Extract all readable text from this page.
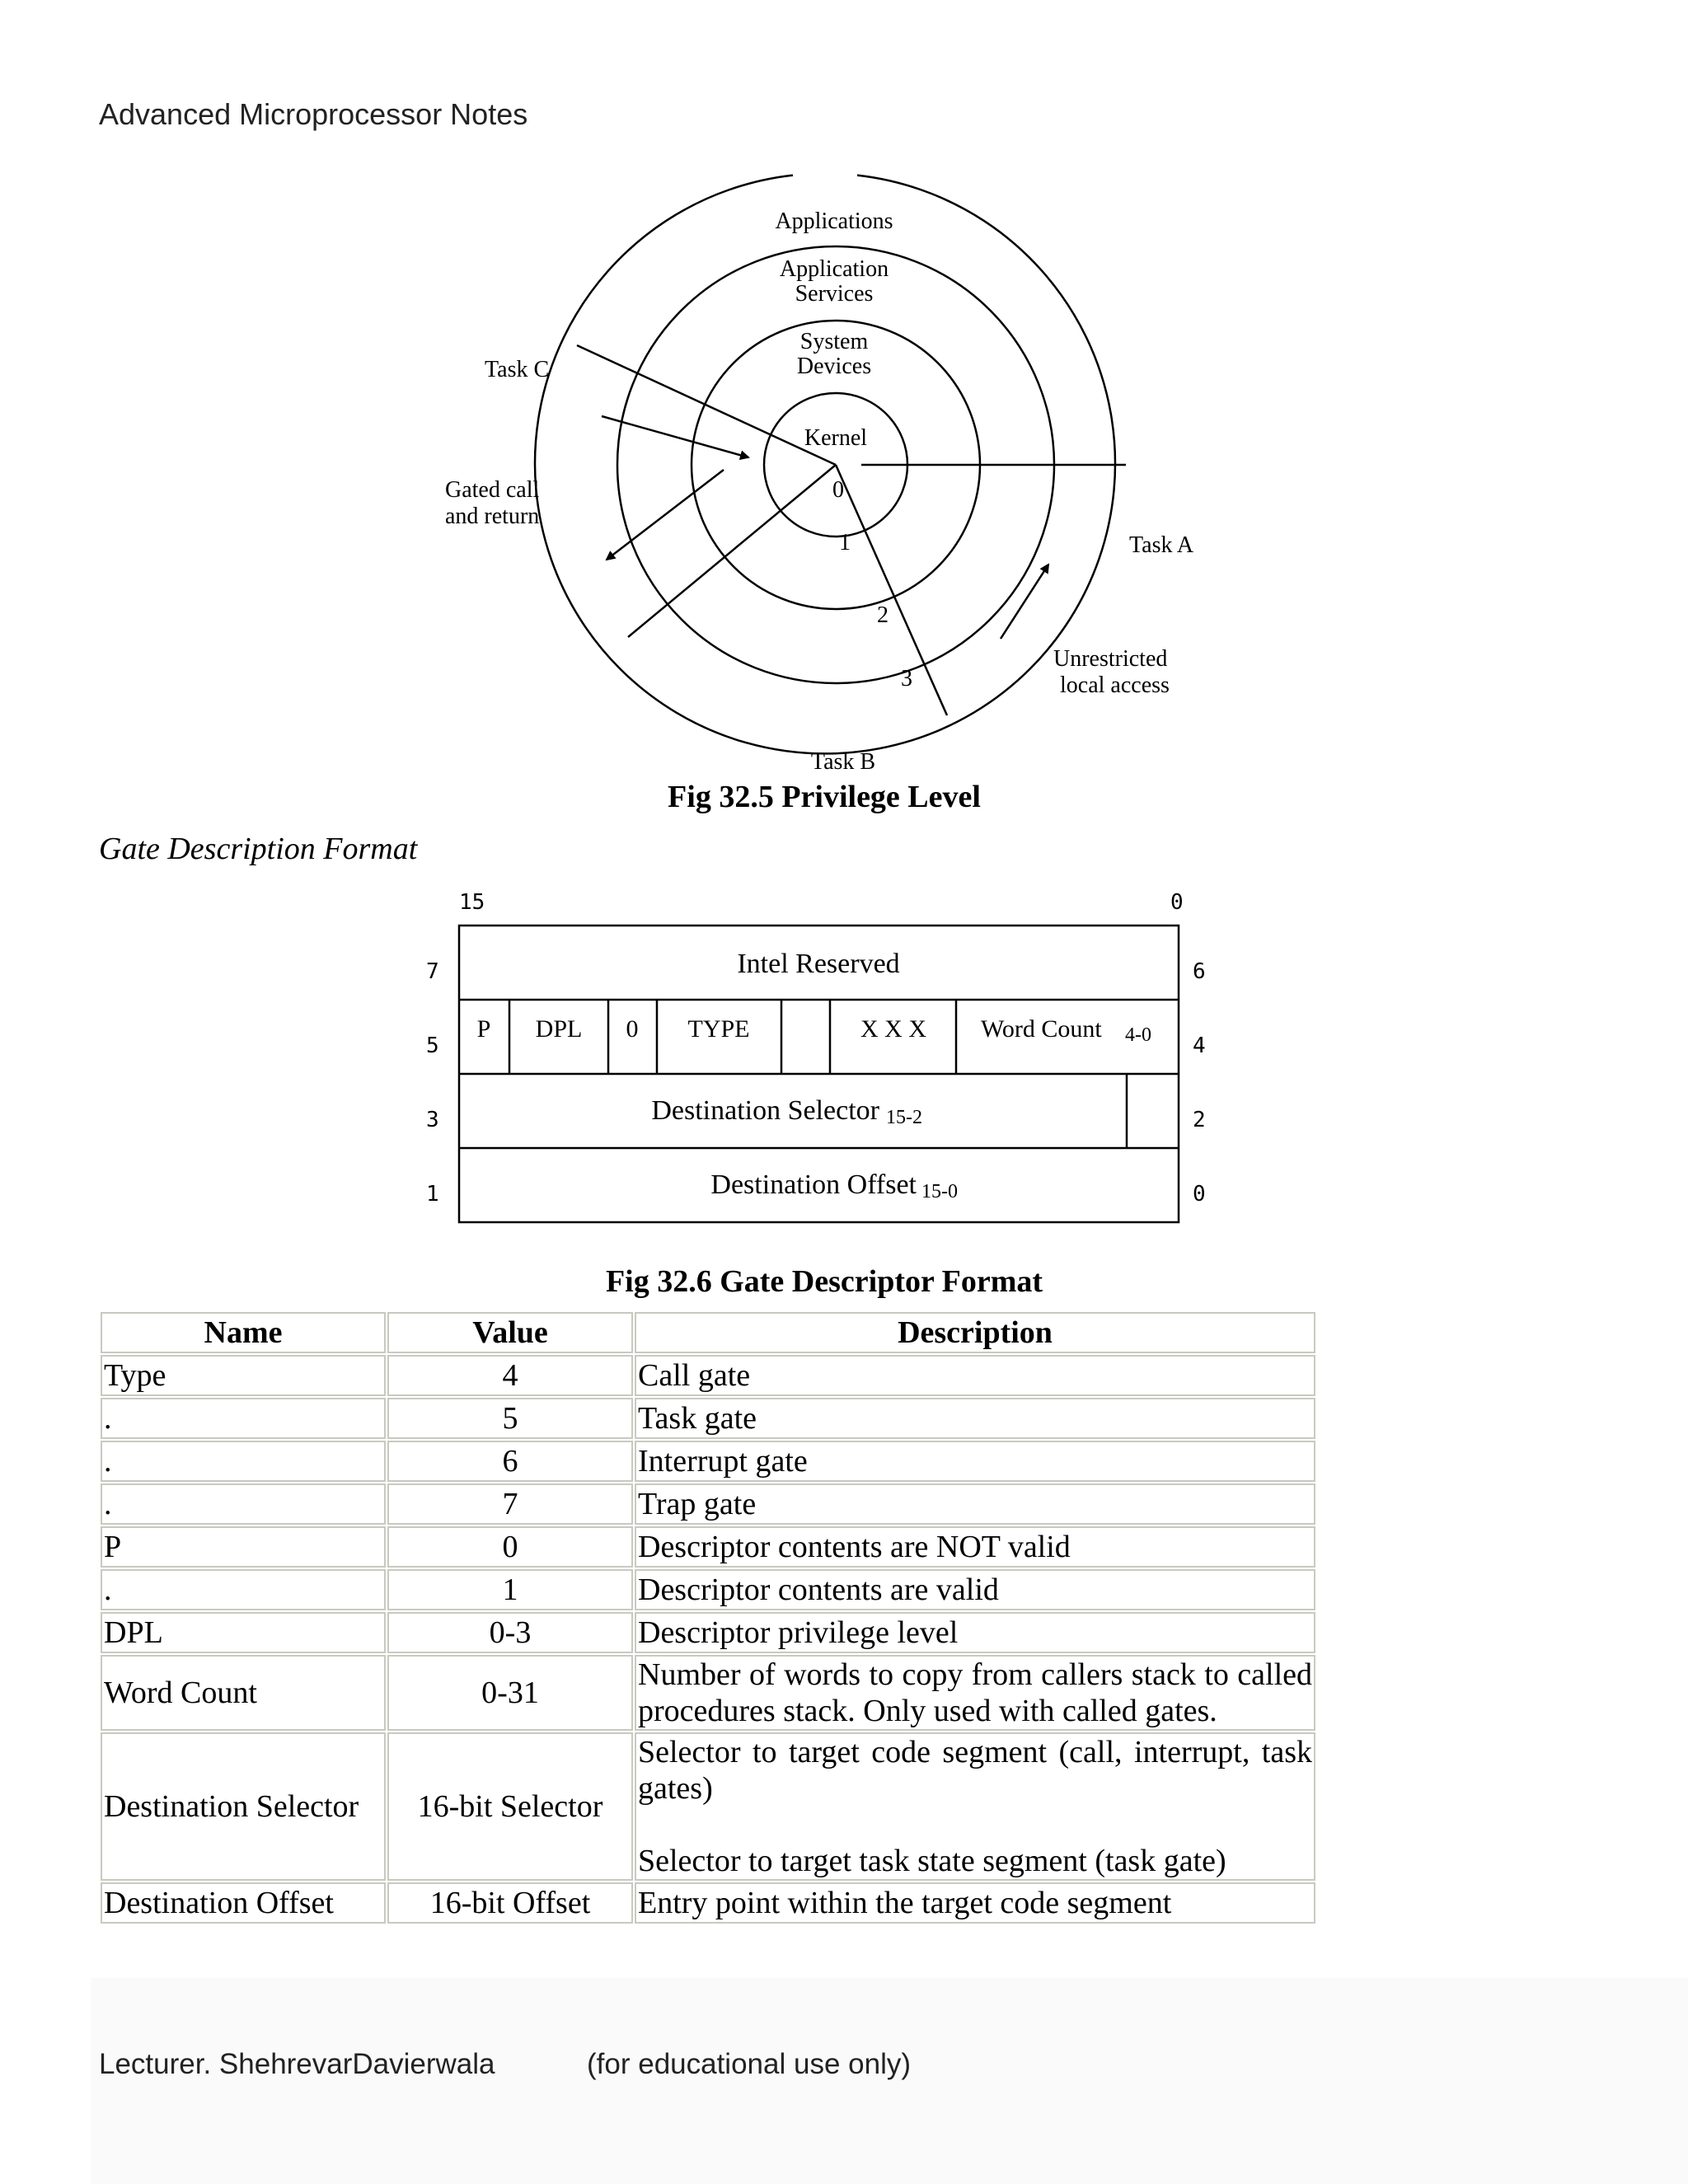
Advanced Microprocessor Notes
Applications
Application
Services
System
Devices
Kernel
0
1
2
3
Task C
Gated call
and return
Task A
Unrestricted
local access
Task B
Fig 32.5 Privilege Level
Gate Description Format
15	0
7
5
3
1
6
4
2
0
Intel Reserved
P DPL 0 TYPE	X X X Word Count 4-0
Destination Selector 15-2
Destination Offset 15-0
Fig 32.6 Gate Descriptor Format
Name	Value	Description
Type	4	Call gate
.	5	Task gate
.	6	Interrupt gate
.	7	Trap gate
P	0	Descriptor contents are NOT valid
.	1	Descriptor contents are valid
DPL	0-3	Descriptor privilege level
Word Count	0-31	Number of words to copy from callers stack to called procedures stack. Only used with called gates.
Destination Selector	16-bit Selector	Selector to target code segment (call, interrupt, task gates)
Selector to target task state segment (task gate)

Destination Offset	16-bit Offset	Entry point within the target code segment
Lecturer. ShehrevarDavierwala	(for educational use only)
